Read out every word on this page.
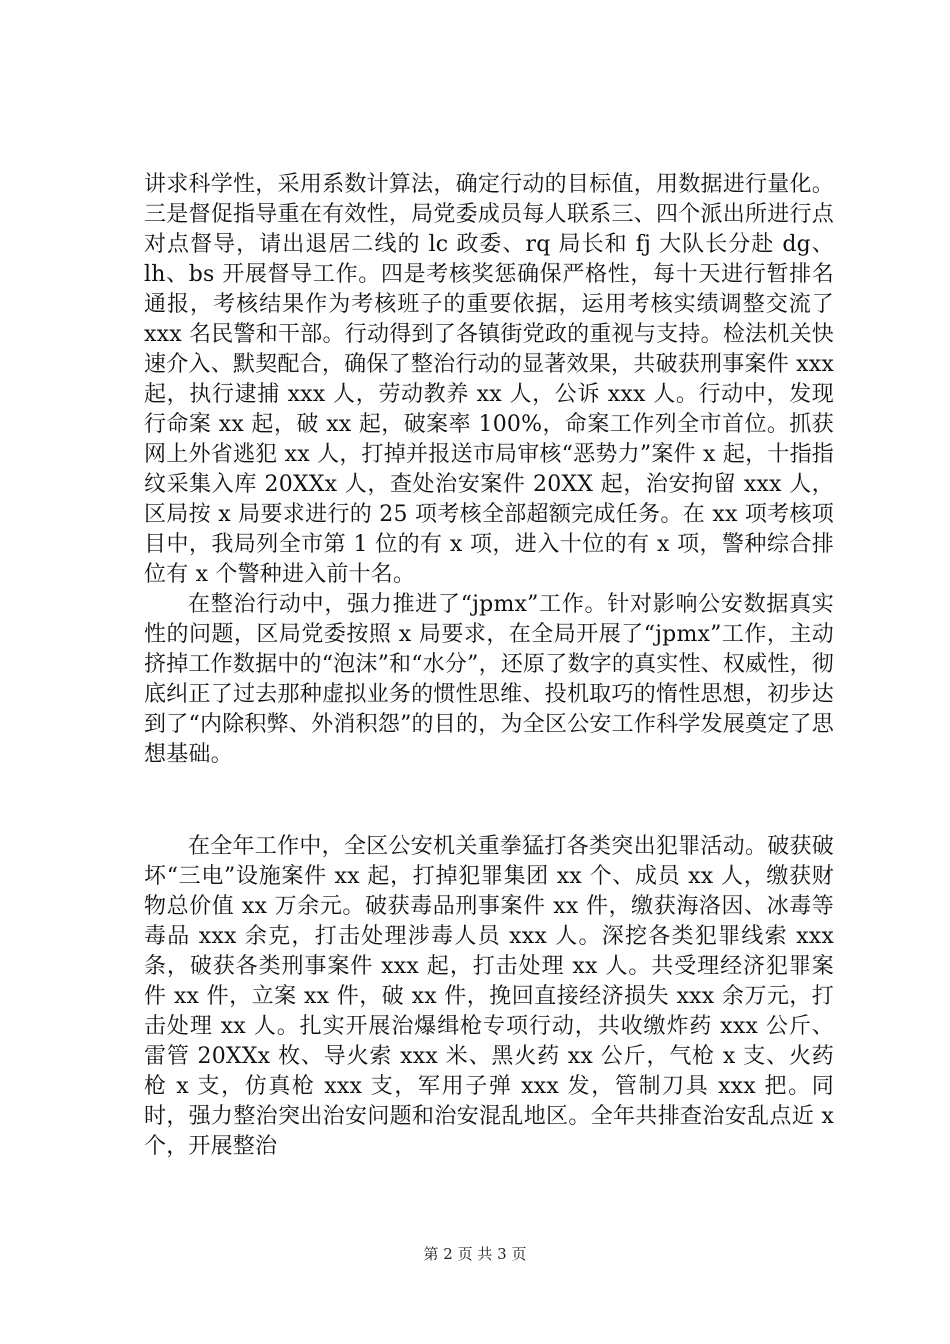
讲求科学性，采用系数计算法，确定行动的目标值，用数据进行量化。三是督促指导重在有效性，局党委成员每人联系三、四个派出所进行点对点督导，请出退居二线的 lc 政委、rq 局长和 fj 大队长分赴 dg、lh、bs 开展督导工作。四是考核奖惩确保严格性，每十天进行暂排名通报，考核结果作为考核班子的重要依据，运用考核实绩调整交流了 xxx 名民警和干部。行动得到了各镇街党政的重视与支持。检法机关快速介入、默契配合，确保了整治行动的显著效果，共破获刑事案件 xxx 起，执行逮捕 xxx 人，劳动教养 xx 人，公诉 xxx 人。行动中，发现行命案 xx 起，破 xx 起，破案率 100%，命案工作列全市首位。抓获网上外省逃犯 xx 人，打掉并报送市局审核“恶势力”案件 x 起，十指指纹采集入库 20XXx 人，查处治安案件 20XX 起，治安拘留 xxx 人，区局按 x 局要求进行的 25 项考核全部超额完成任务。在 xx 项考核项目中，我局列全市第 1 位的有 x 项，进入十位的有 x 项，警种综合排位有 x 个警种进入前十名。

在整治行动中，强力推进了“jpmx”工作。针对影响公安数据真实性的问题，区局党委按照 x 局要求，在全局开展了“jpmx”工作，主动挤掉工作数据中的“泡沫”和“水分”，还原了数字的真实性、权威性，彻底纠正了过去那种虚拟业务的惯性思维、投机取巧的惰性思想，初步达到了“内除积弊、外消积怨”的目的，为全区公安工作科学发展奠定了思想基础。

在全年工作中，全区公安机关重拳猛打各类突出犯罪活动。破获破坏“三电”设施案件 xx 起，打掉犯罪集团 xx 个、成员 xx 人，缴获财物总价值 xx 万余元。破获毒品刑事案件 xx 件，缴获海洛因、冰毒等毒品 xxx 余克，打击处理涉毒人员 xxx 人。深挖各类犯罪线索 xxx 条，破获各类刑事案件 xxx 起，打击处理 xx 人。共受理经济犯罪案件 xx 件，立案 xx 件，破 xx 件，挽回直接经济损失 xxx 余万元，打击处理 xx 人。扎实开展治爆缉枪专项行动，共收缴炸药 xxx 公斤、雷管 20XXx 枚、导火索 xxx 米、黑火药 xx 公斤，气枪 x 支、火药枪 x 支，仿真枪 xxx 支，军用子弹 xxx 发，管制刀具 xxx 把。同时，强力整治突出治安问题和治安混乱地区。全年共排查治安乱点近 x 个，开展整治

第 2 页 共 3 页
